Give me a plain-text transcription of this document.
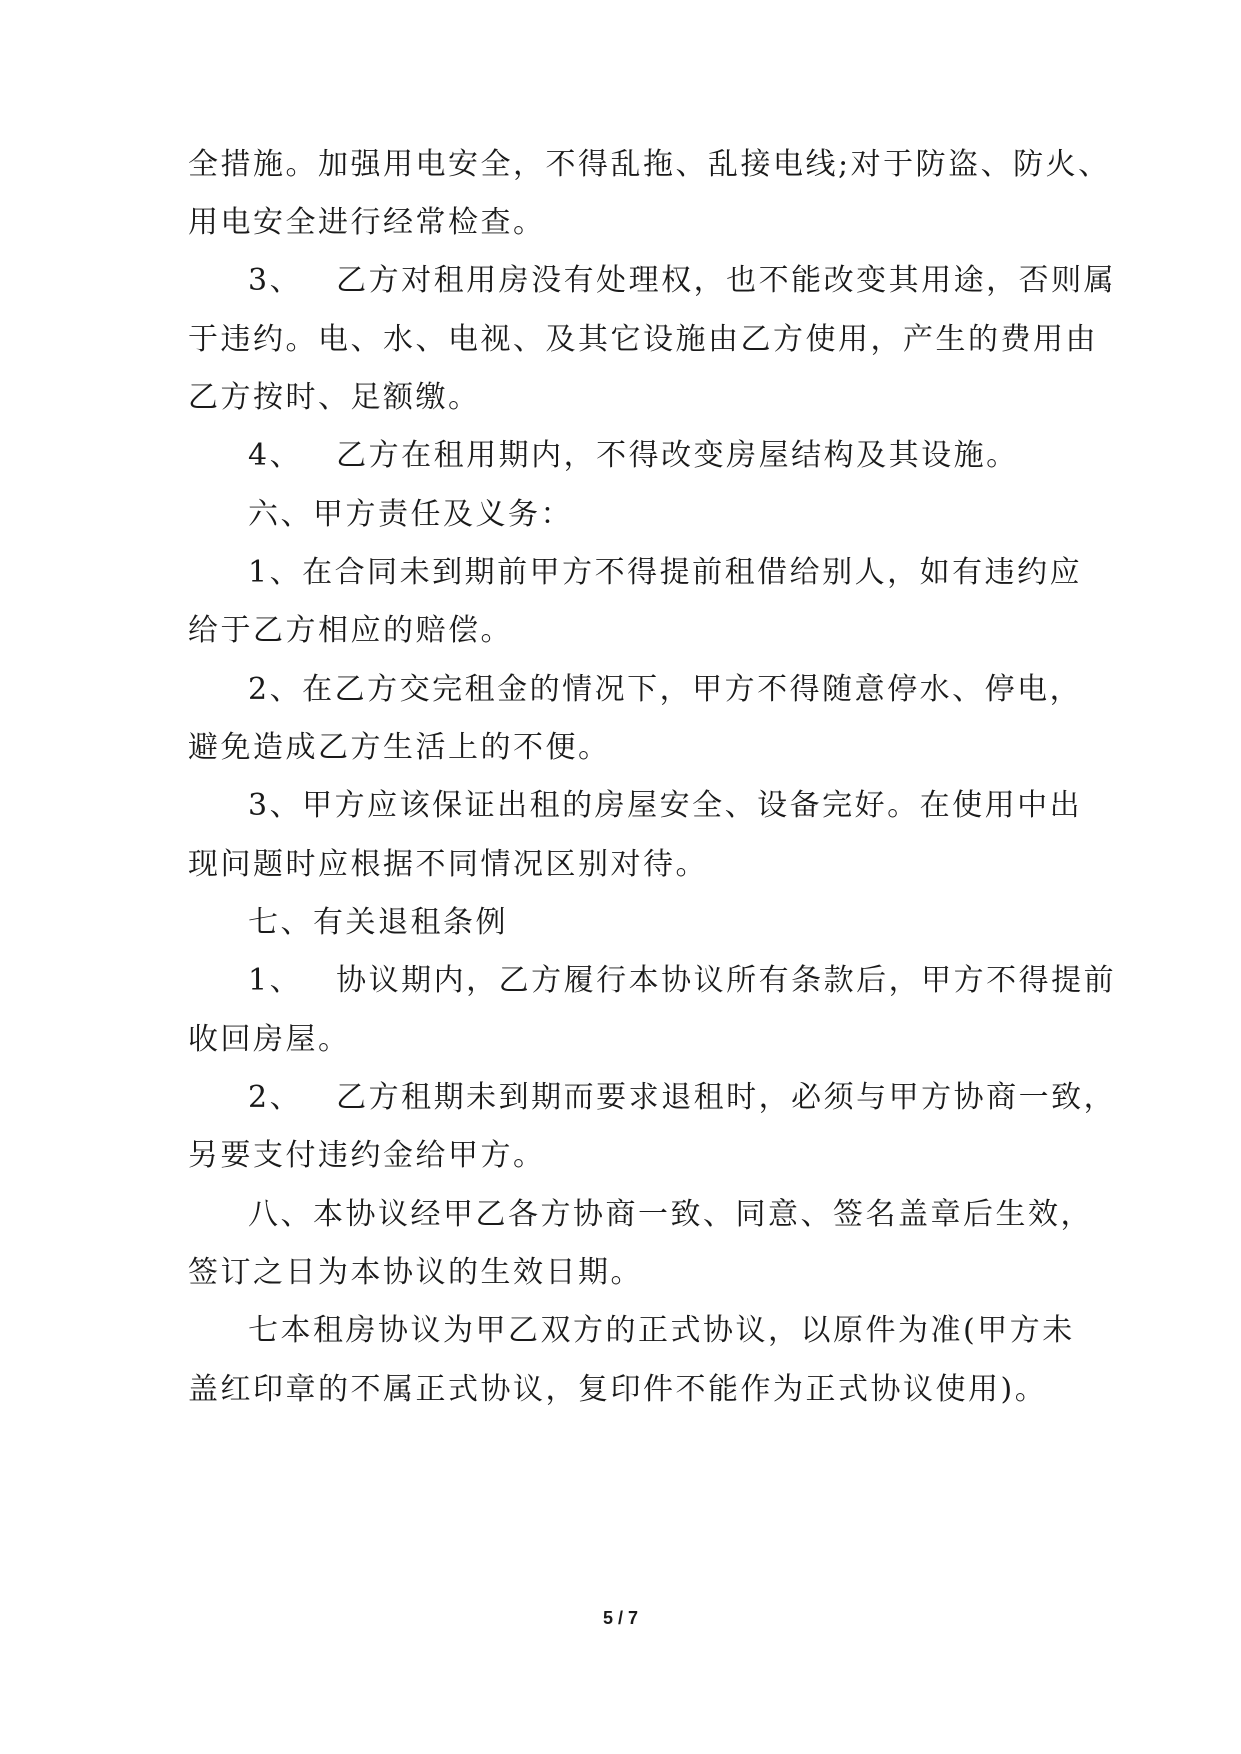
全措施。加强用电安全，不得乱拖、乱接电线;对于防盗、防火、

用电安全进行经常检查。

3、 乙方对租用房没有处理权，也不能改变其用途，否则属

于违约。电、水、电视、及其它设施由乙方使用，产生的费用由

乙方按时、足额缴。

4、 乙方在租用期内，不得改变房屋结构及其设施。

六、甲方责任及义务：

1、在合同未到期前甲方不得提前租借给别人，如有违约应

给于乙方相应的赔偿。

2、在乙方交完租金的情况下，甲方不得随意停水、停电，

避免造成乙方生活上的不便。

3、甲方应该保证出租的房屋安全、设备完好。在使用中出

现问题时应根据不同情况区别对待。

七、有关退租条例

1、 协议期内，乙方履行本协议所有条款后，甲方不得提前

收回房屋。

2、 乙方租期未到期而要求退租时，必须与甲方协商一致，

另要支付违约金给甲方。

八、本协议经甲乙各方协商一致、同意、签名盖章后生效，

签订之日为本协议的生效日期。

七本租房协议为甲乙双方的正式协议，以原件为准(甲方未

盖红印章的不属正式协议，复印件不能作为正式协议使用)。

5 / 7
